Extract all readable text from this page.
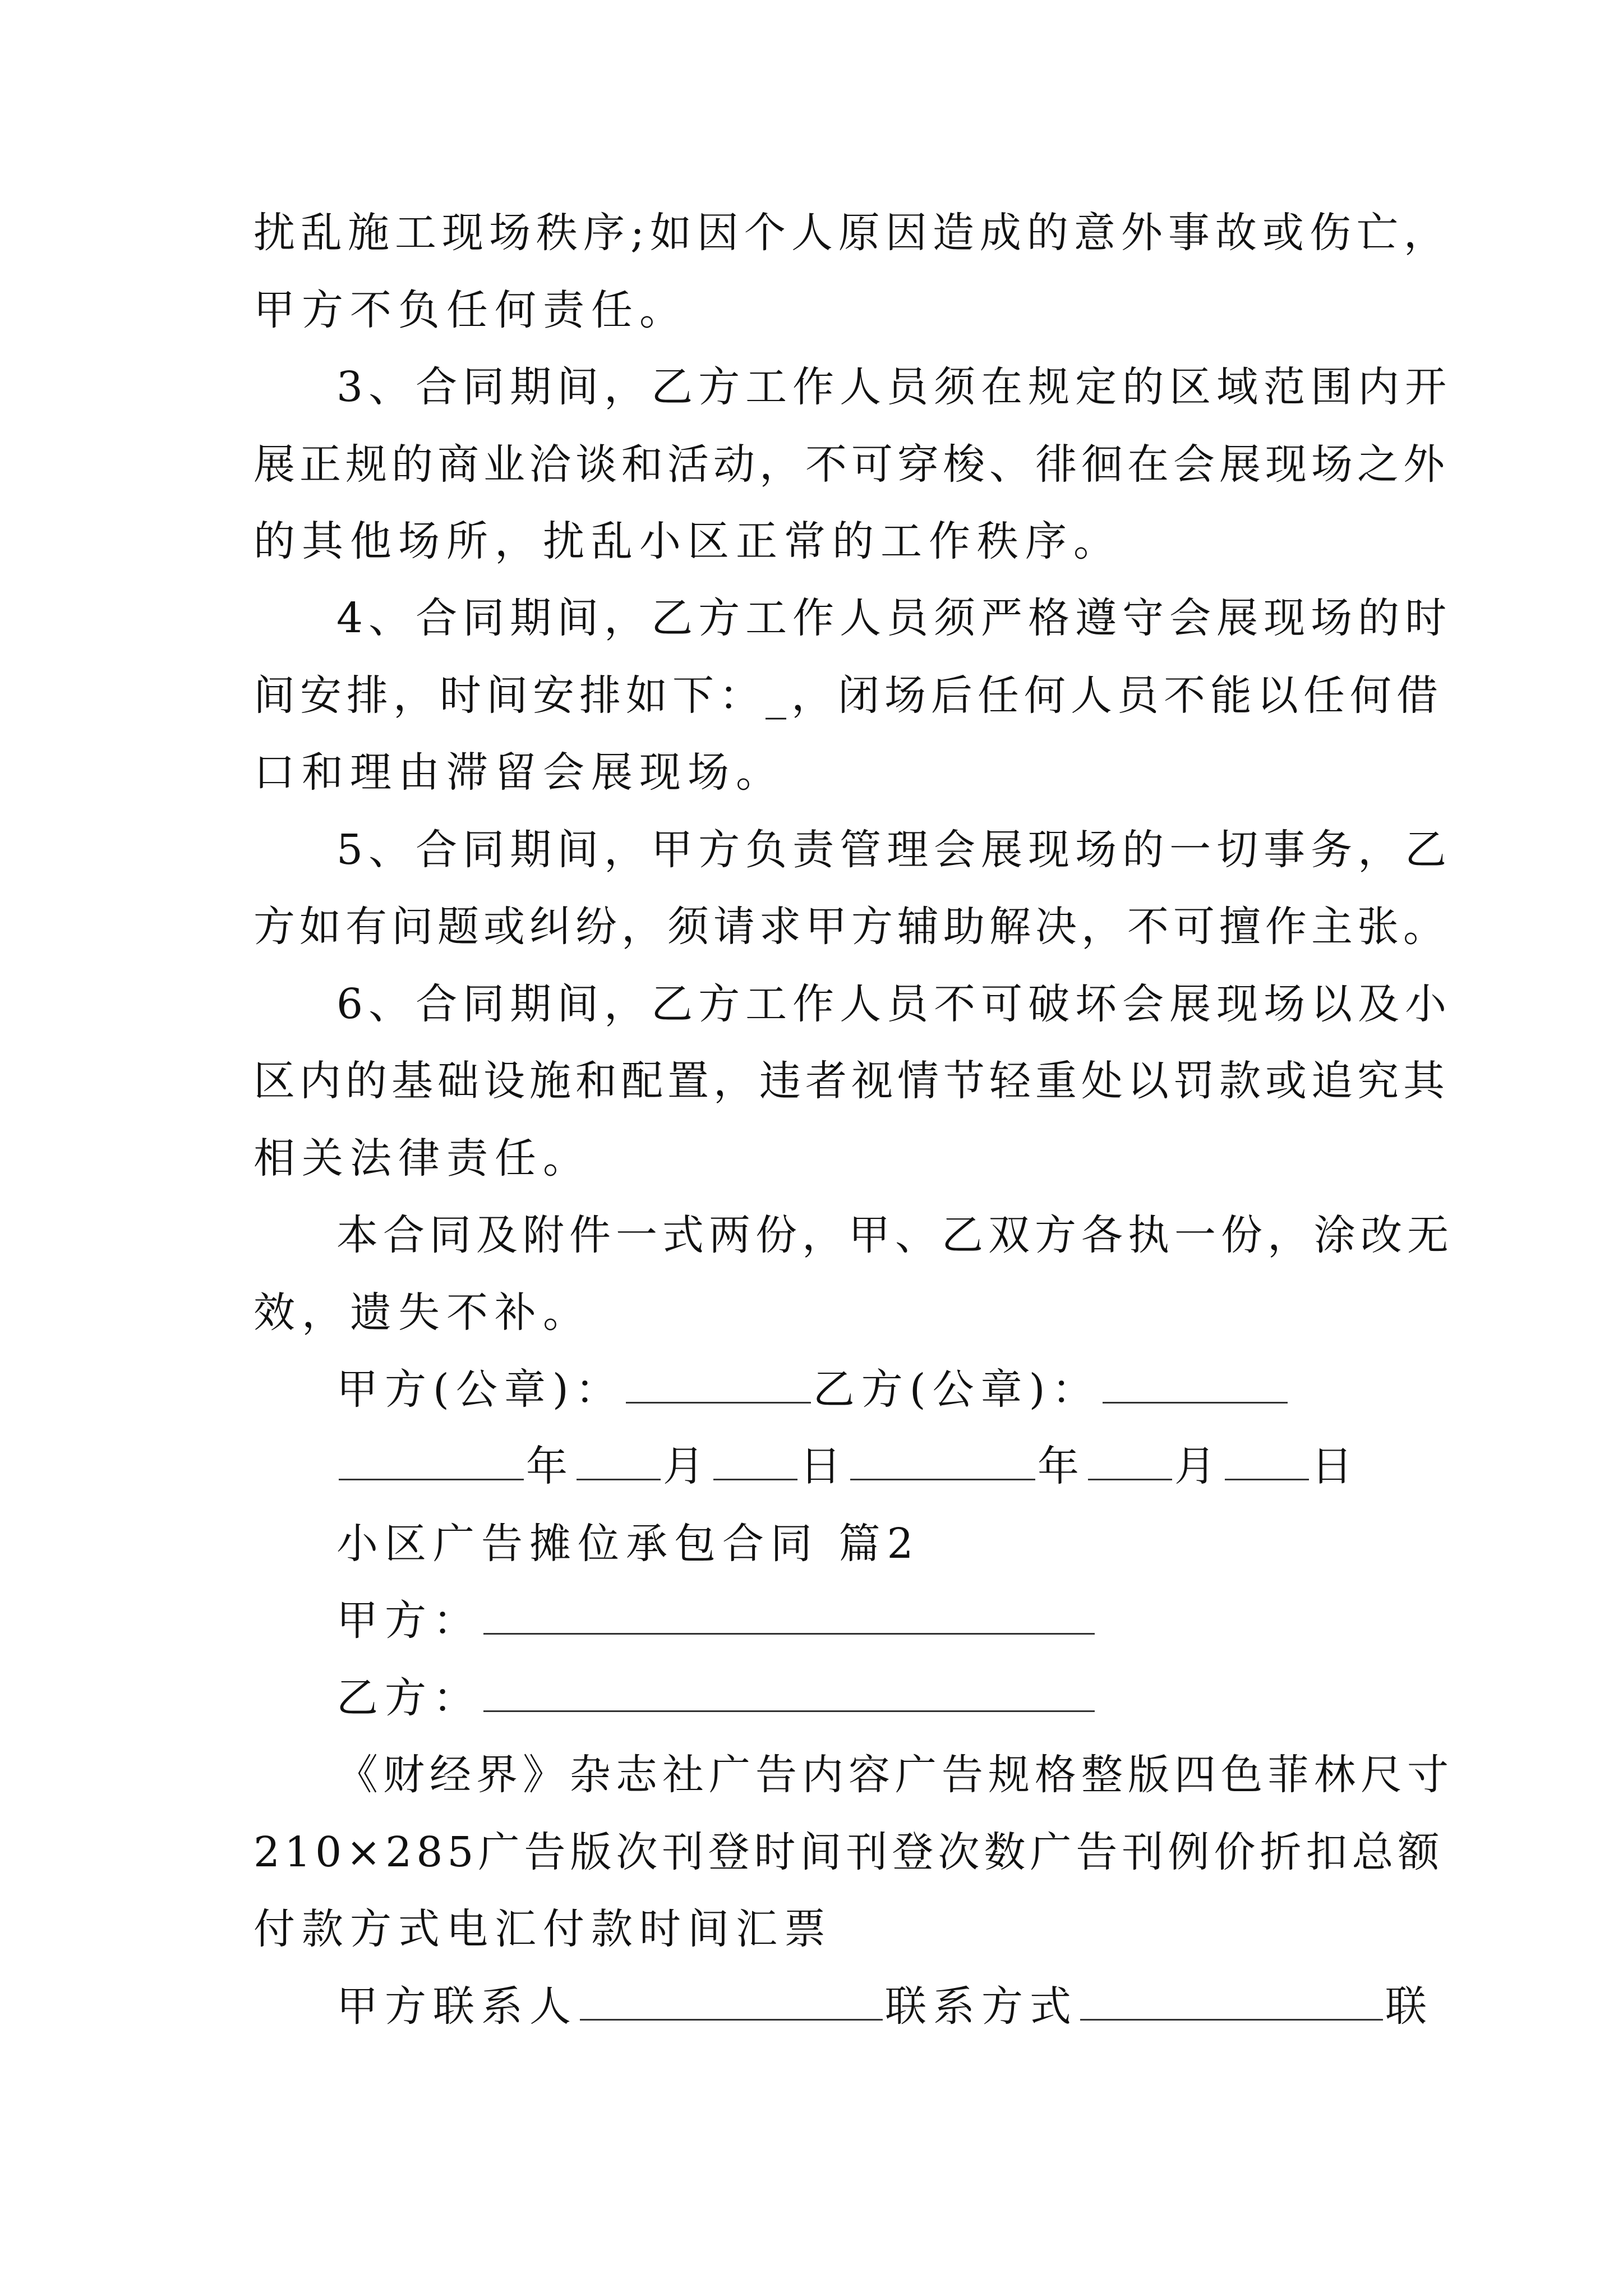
扰乱施工现场秩序;如因个人原因造成的意外事故或伤亡，

甲方不负任何责任。

3、合同期间，乙方工作人员须在规定的区域范围内开

展正规的商业洽谈和活动，不可穿梭、徘徊在会展现场之外

的其他场所，扰乱小区正常的工作秩序。

4、合同期间，乙方工作人员须严格遵守会展现场的时

间安排，时间安排如下：_，闭场后任何人员不能以任何借

口和理由滞留会展现场。

5、合同期间，甲方负责管理会展现场的一切事务，乙

方如有问题或纠纷，须请求甲方辅助解决，不可擅作主张。

6、合同期间，乙方工作人员不可破坏会展现场以及小

区内的基础设施和配置，违者视情节轻重处以罚款或追究其

相关法律责任。

本合同及附件一式两份，甲、乙双方各执一份，涂改无

效，遗失不补。

甲方(公章)：	乙方(公章)：

年 月 日	年 月 日

小区广告摊位承包合同 篇2

甲方：

乙方：

《财经界》杂志社广告内容广告规格整版四色菲林尺寸

210×285广告版次刊登时间刊登次数广告刊例价折扣总额

付款方式电汇付款时间汇票

甲方联系人	联系方式	联
